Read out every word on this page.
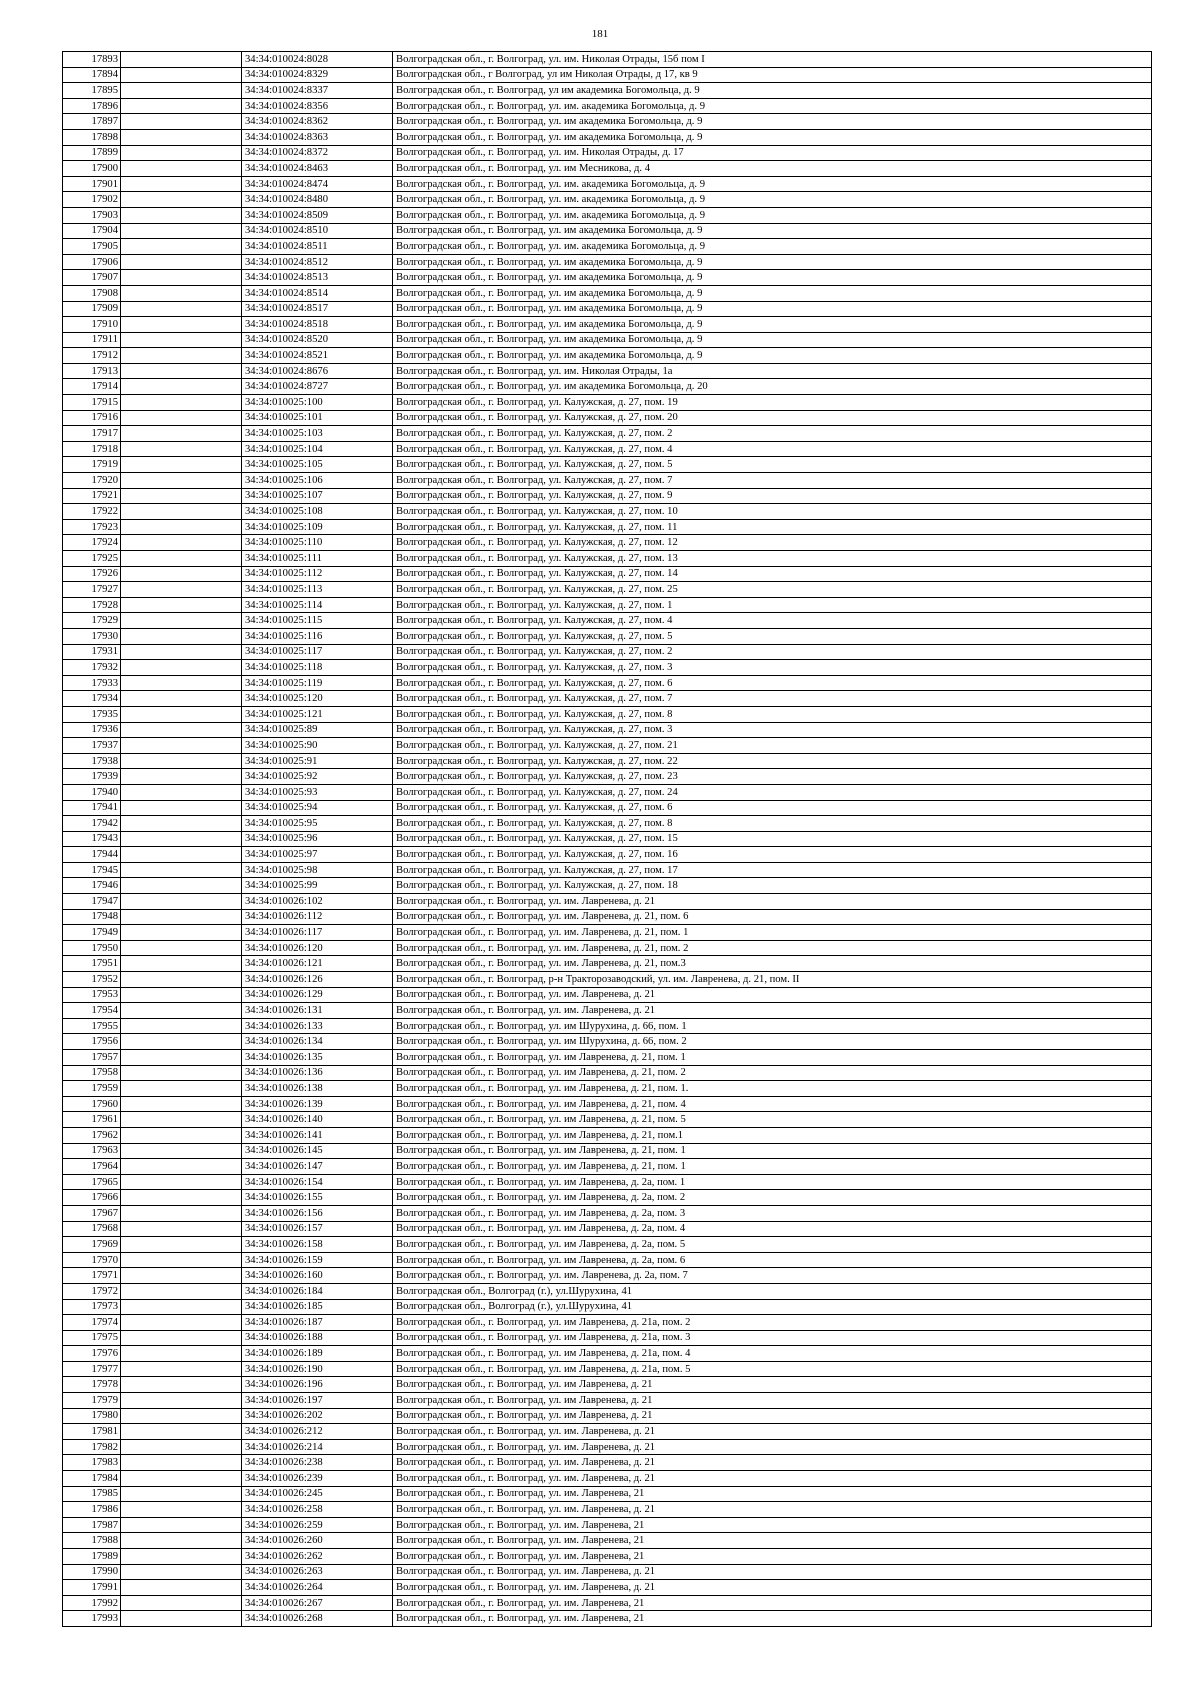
181
17893		34:34:010024:8028	Волгоградская обл., г. Волгоград, ул. им. Николая Отрады, 15б пом I
17894		34:34:010024:8329	Волгоградская обл., г Волгоград, ул им Николая Отрады, д 17, кв 9
17895		34:34:010024:8337	Волгоградская обл., г. Волгоград, ул им академика Богомольца, д. 9
17896		34:34:010024:8356	Волгоградская обл., г. Волгоград, ул. им. академика Богомольца, д. 9
17897		34:34:010024:8362	Волгоградская обл., г. Волгоград, ул. им академика Богомольца, д. 9
17898		34:34:010024:8363	Волгоградская обл., г. Волгоград, ул. им академика Богомольца, д. 9
17899		34:34:010024:8372	Волгоградская обл., г. Волгоград, ул. им. Николая Отрады, д. 17
17900		34:34:010024:8463	Волгоградская обл., г. Волгоград, ул. им Месникова, д. 4
17901		34:34:010024:8474	Волгоградская обл., г. Волгоград, ул. им. академика Богомольца, д. 9
17902		34:34:010024:8480	Волгоградская обл., г. Волгоград, ул. им. академика Богомольца, д. 9
17903		34:34:010024:8509	Волгоградская обл., г. Волгоград, ул. им. академика Богомольца, д. 9
17904		34:34:010024:8510	Волгоградская обл., г. Волгоград, ул. им академика Богомольца, д. 9
17905		34:34:010024:8511	Волгоградская обл., г. Волгоград, ул. им. академика Богомольца, д. 9
17906		34:34:010024:8512	Волгоградская обл., г. Волгоград, ул. им академика Богомольца, д. 9
17907		34:34:010024:8513	Волгоградская обл., г. Волгоград, ул. им академика Богомольца, д. 9
17908		34:34:010024:8514	Волгоградская обл., г. Волгоград, ул. им академика Богомольца, д. 9
17909		34:34:010024:8517	Волгоградская обл., г. Волгоград, ул. им академика Богомольца, д. 9
17910		34:34:010024:8518	Волгоградская обл., г. Волгоград, ул. им академика Богомольца, д. 9
17911		34:34:010024:8520	Волгоградская обл., г. Волгоград, ул. им академика Богомольца, д. 9
17912		34:34:010024:8521	Волгоградская обл., г. Волгоград, ул. им академика Богомольца, д. 9
17913		34:34:010024:8676	Волгоградская обл., г. Волгоград, ул. им. Николая Отрады, 1а
17914		34:34:010024:8727	Волгоградская обл., г. Волгоград, ул. им академика Богомольца, д. 20
17915		34:34:010025:100	Волгоградская обл., г. Волгоград, ул. Калужская, д. 27, пом. 19
17916		34:34:010025:101	Волгоградская обл., г. Волгоград, ул. Калужская, д. 27, пом. 20
17917		34:34:010025:103	Волгоградская обл., г. Волгоград, ул. Калужская, д. 27, пом. 2
17918		34:34:010025:104	Волгоградская обл., г. Волгоград, ул. Калужская, д. 27, пом. 4
17919		34:34:010025:105	Волгоградская обл., г. Волгоград, ул. Калужская, д. 27, пом. 5
17920		34:34:010025:106	Волгоградская обл., г. Волгоград, ул. Калужская, д. 27, пом. 7
17921		34:34:010025:107	Волгоградская обл., г. Волгоград, ул. Калужская, д. 27, пом. 9
17922		34:34:010025:108	Волгоградская обл., г. Волгоград, ул. Калужская, д. 27, пом. 10
17923		34:34:010025:109	Волгоградская обл., г. Волгоград, ул. Калужская, д. 27, пом. 11
17924		34:34:010025:110	Волгоградская обл., г. Волгоград, ул. Калужская, д. 27, пом. 12
17925		34:34:010025:111	Волгоградская обл., г. Волгоград, ул. Калужская, д. 27, пом. 13
17926		34:34:010025:112	Волгоградская обл., г. Волгоград, ул. Калужская, д. 27, пом. 14
17927		34:34:010025:113	Волгоградская обл., г. Волгоград, ул. Калужская, д. 27, пом. 25
17928		34:34:010025:114	Волгоградская обл., г. Волгоград, ул. Калужская, д. 27, пом. 1
17929		34:34:010025:115	Волгоградская обл., г. Волгоград, ул. Калужская, д. 27, пом. 4
17930		34:34:010025:116	Волгоградская обл., г. Волгоград, ул. Калужская, д. 27, пом. 5
17931		34:34:010025:117	Волгоградская обл., г. Волгоград, ул. Калужская, д. 27, пом. 2
17932		34:34:010025:118	Волгоградская обл., г. Волгоград, ул. Калужская, д. 27, пом. 3
17933		34:34:010025:119	Волгоградская обл., г. Волгоград, ул. Калужская, д. 27, пом. 6
17934		34:34:010025:120	Волгоградская обл., г. Волгоград, ул. Калужская, д. 27, пом. 7
17935		34:34:010025:121	Волгоградская обл., г. Волгоград, ул. Калужская, д. 27, пом. 8
17936		34:34:010025:89	Волгоградская обл., г. Волгоград, ул. Калужская, д. 27, пом. 3
17937		34:34:010025:90	Волгоградская обл., г. Волгоград, ул. Калужская, д. 27, пом. 21
17938		34:34:010025:91	Волгоградская обл., г. Волгоград, ул. Калужская, д. 27, пом. 22
17939		34:34:010025:92	Волгоградская обл., г. Волгоград, ул. Калужская, д. 27, пом. 23
17940		34:34:010025:93	Волгоградская обл., г. Волгоград, ул. Калужская, д. 27, пом. 24
17941		34:34:010025:94	Волгоградская обл., г. Волгоград, ул. Калужская, д. 27, пом. 6
17942		34:34:010025:95	Волгоградская обл., г. Волгоград, ул. Калужская, д. 27, пом. 8
17943		34:34:010025:96	Волгоградская обл., г. Волгоград, ул. Калужская, д. 27, пом. 15
17944		34:34:010025:97	Волгоградская обл., г. Волгоград, ул. Калужская, д. 27, пом. 16
17945		34:34:010025:98	Волгоградская обл., г. Волгоград, ул. Калужская, д. 27, пом. 17
17946		34:34:010025:99	Волгоградская обл., г. Волгоград, ул. Калужская, д. 27, пом. 18
17947		34:34:010026:102	Волгоградская обл., г. Волгоград, ул. им. Лавренева, д. 21
17948		34:34:010026:112	Волгоградская обл., г. Волгоград, ул. им. Лавренева, д. 21, пом. 6
17949		34:34:010026:117	Волгоградская обл., г. Волгоград, ул. им. Лавренева, д. 21, пом. 1
17950		34:34:010026:120	Волгоградская обл., г. Волгоград, ул. им. Лавренева, д. 21, пом. 2
17951		34:34:010026:121	Волгоградская обл., г. Волгоград, ул. им. Лавренева, д. 21, пом.3
17952		34:34:010026:126	Волгоградская обл., г. Волгоград, р-н Тракторозаводский, ул. им. Лавренева, д. 21, пом. II
17953		34:34:010026:129	Волгоградская обл., г. Волгоград, ул. им. Лавренева, д. 21
17954		34:34:010026:131	Волгоградская обл., г. Волгоград, ул. им. Лавренева, д. 21
17955		34:34:010026:133	Волгоградская обл., г. Волгоград, ул. им Шурухина, д. 66, пом. 1
17956		34:34:010026:134	Волгоградская обл., г. Волгоград, ул. им Шурухина, д. 66, пом. 2
17957		34:34:010026:135	Волгоградская обл., г. Волгоград, ул. им Лавренева, д. 21, пом. 1
17958		34:34:010026:136	Волгоградская обл., г. Волгоград, ул. им Лавренева, д. 21, пом. 2
17959		34:34:010026:138	Волгоградская обл., г. Волгоград, ул. им Лавренева, д. 21, пом. 1.
17960		34:34:010026:139	Волгоградская обл., г. Волгоград, ул. им Лавренева, д. 21, пом. 4
17961		34:34:010026:140	Волгоградская обл., г. Волгоград, ул. им Лавренева, д. 21, пом. 5
17962		34:34:010026:141	Волгоградская обл., г. Волгоград, ул. им Лавренева, д. 21, пом.1
17963		34:34:010026:145	Волгоградская обл., г. Волгоград, ул. им Лавренева, д. 21, пом. 1
17964		34:34:010026:147	Волгоградская обл., г. Волгоград, ул. им Лавренева, д. 21, пом. 1
17965		34:34:010026:154	Волгоградская обл., г. Волгоград, ул. им Лавренева, д. 2а, пом. 1
17966		34:34:010026:155	Волгоградская обл., г. Волгоград, ул. им Лавренева, д. 2а, пом. 2
17967		34:34:010026:156	Волгоградская обл., г. Волгоград, ул. им Лавренева, д. 2а, пом. 3
17968		34:34:010026:157	Волгоградская обл., г. Волгоград, ул. им Лавренева, д. 2а, пом. 4
17969		34:34:010026:158	Волгоградская обл., г. Волгоград, ул. им Лавренева, д. 2а, пом. 5
17970		34:34:010026:159	Волгоградская обл., г. Волгоград, ул. им Лавренева, д. 2а, пом. 6
17971		34:34:010026:160	Волгоградская обл., г. Волгоград, ул. им. Лавренева, д. 2а, пом. 7
17972		34:34:010026:184	Волгоградская обл., Волгоград (г.), ул.Шурухина, 41
17973		34:34:010026:185	Волгоградская обл., Волгоград (г.), ул.Шурухина, 41
17974		34:34:010026:187	Волгоградская обл., г. Волгоград, ул. им Лавренева, д. 21а, пом. 2
17975		34:34:010026:188	Волгоградская обл., г. Волгоград, ул. им Лавренева, д. 21а, пом. 3
17976		34:34:010026:189	Волгоградская обл., г. Волгоград, ул. им Лавренева, д. 21а, пом. 4
17977		34:34:010026:190	Волгоградская обл., г. Волгоград, ул. им Лавренева, д. 21а, пом. 5
17978		34:34:010026:196	Волгоградская обл., г. Волгоград, ул. им Лавренева, д. 21
17979		34:34:010026:197	Волгоградская обл., г. Волгоград, ул. им Лавренева, д. 21
17980		34:34:010026:202	Волгоградская обл., г. Волгоград, ул. им Лавренева, д. 21
17981		34:34:010026:212	Волгоградская обл., г. Волгоград, ул. им. Лавренева, д. 21
17982		34:34:010026:214	Волгоградская обл., г. Волгоград, ул. им. Лавренева, д. 21
17983		34:34:010026:238	Волгоградская обл., г. Волгоград, ул. им. Лавренева, д. 21
17984		34:34:010026:239	Волгоградская обл., г. Волгоград, ул. им. Лавренева, д. 21
17985		34:34:010026:245	Волгоградская обл., г. Волгоград, ул. им. Лавренева, 21
17986		34:34:010026:258	Волгоградская обл., г. Волгоград, ул. им. Лавренева, д. 21
17987		34:34:010026:259	Волгоградская обл., г. Волгоград, ул. им. Лавренева, 21
17988		34:34:010026:260	Волгоградская обл., г. Волгоград, ул. им. Лавренева, 21
17989		34:34:010026:262	Волгоградская обл., г. Волгоград, ул. им. Лавренева, 21
17990		34:34:010026:263	Волгоградская обл., г. Волгоград, ул. им. Лавренева, д. 21
17991		34:34:010026:264	Волгоградская обл., г. Волгоград, ул. им. Лавренева, д. 21
17992		34:34:010026:267	Волгоградская обл., г. Волгоград, ул. им. Лавренева, 21
17993		34:34:010026:268	Волгоградская обл., г. Волгоград, ул. им. Лавренева, 21
